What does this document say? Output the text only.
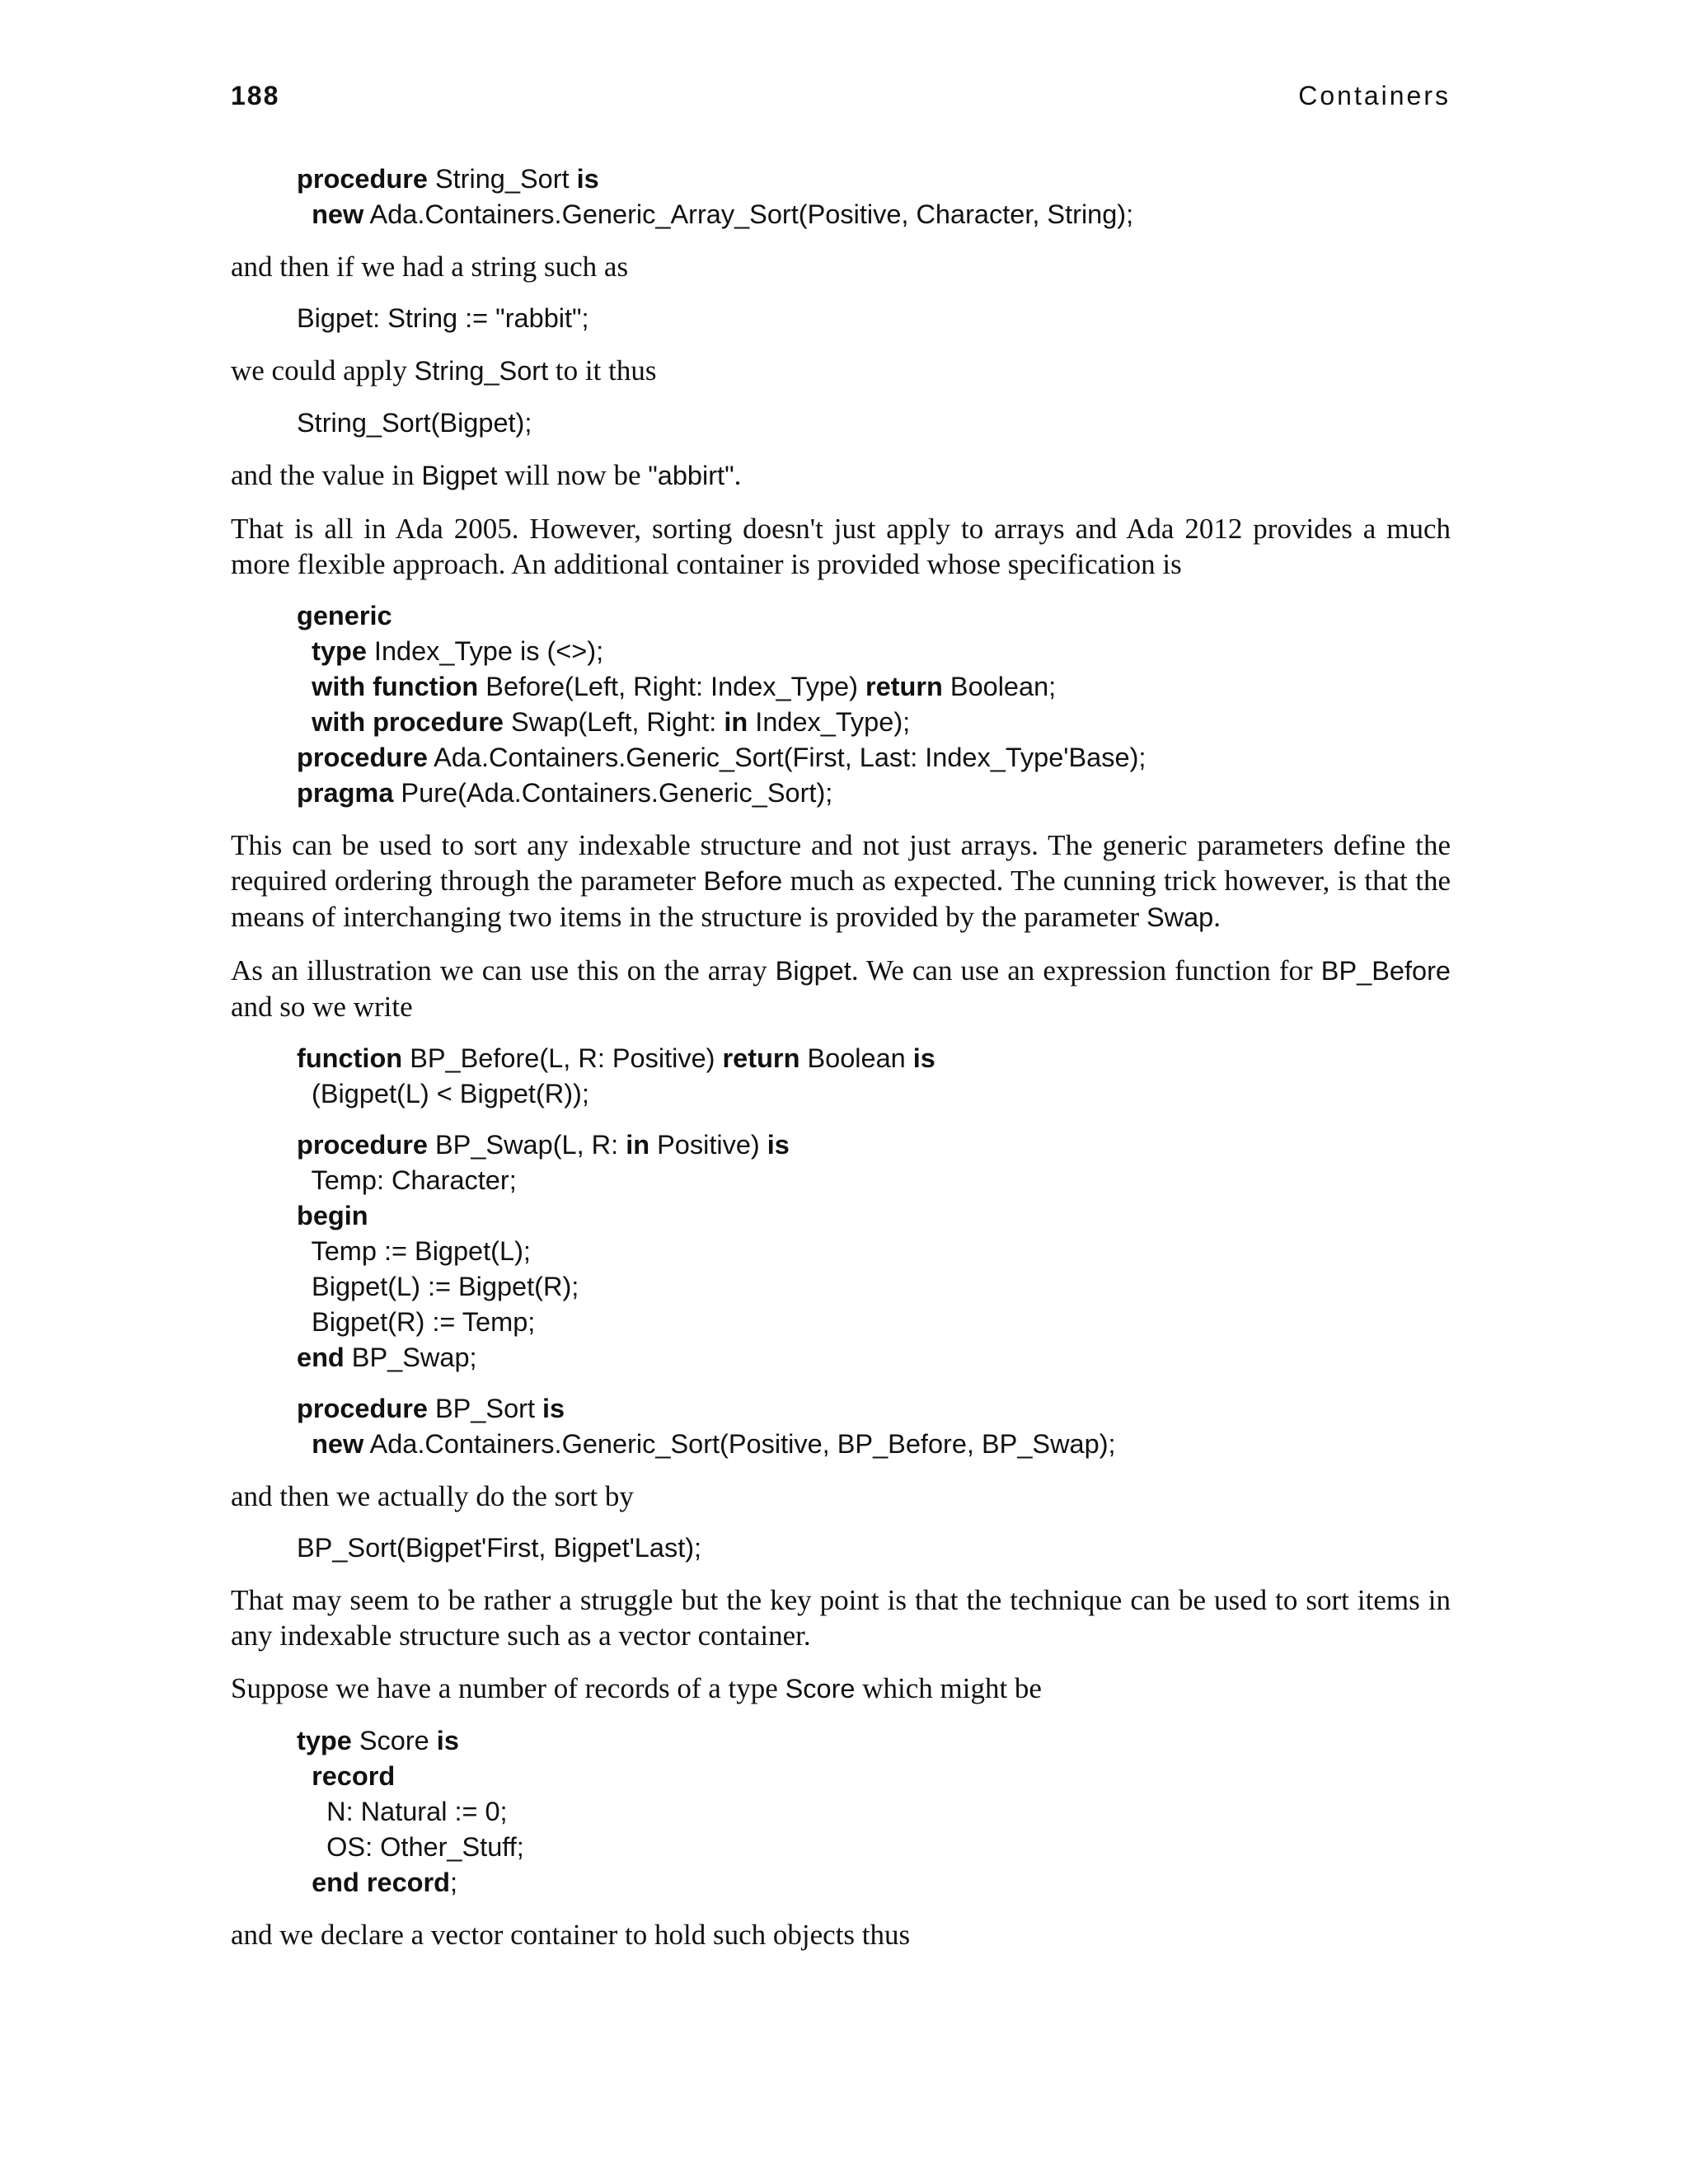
188	Containers
procedure String_Sort is
new Ada.Containers.Generic_Array_Sort(Positive, Character, String);
and then if we had a string such as
Bigpet: String := "rabbit";
we could apply String_Sort to it thus
String_Sort(Bigpet);
and the value in Bigpet will now be "abbirt".
That is all in Ada 2005. However, sorting doesn't just apply to arrays and Ada 2012 provides a much more flexible approach. An additional container is provided whose specification is
generic
type Index_Type is (<>);
with function Before(Left, Right: Index_Type) return Boolean;
with procedure Swap(Left, Right: in Index_Type);
procedure Ada.Containers.Generic_Sort(First, Last: Index_Type'Base);
pragma Pure(Ada.Containers.Generic_Sort);
This can be used to sort any indexable structure and not just arrays. The generic parameters define the required ordering through the parameter Before much as expected. The cunning trick however, is that the means of interchanging two items in the structure is provided by the parameter Swap.
As an illustration we can use this on the array Bigpet. We can use an expression function for BP_Before and so we write
function BP_Before(L, R: Positive) return Boolean is
(Bigpet(L) < Bigpet(R));
procedure BP_Swap(L, R: in Positive) is
Temp: Character;
begin
Temp := Bigpet(L);
Bigpet(L) := Bigpet(R);
Bigpet(R) := Temp;
end BP_Swap;
procedure BP_Sort is
new Ada.Containers.Generic_Sort(Positive, BP_Before, BP_Swap);
and then we actually do the sort by
BP_Sort(Bigpet'First, Bigpet'Last);
That may seem to be rather a struggle but the key point is that the technique can be used to sort items in any indexable structure such as a vector container.
Suppose we have a number of records of a type Score which might be
type Score is
record
N: Natural := 0;
OS: Other_Stuff;
end record;
and we declare a vector container to hold such objects thus
